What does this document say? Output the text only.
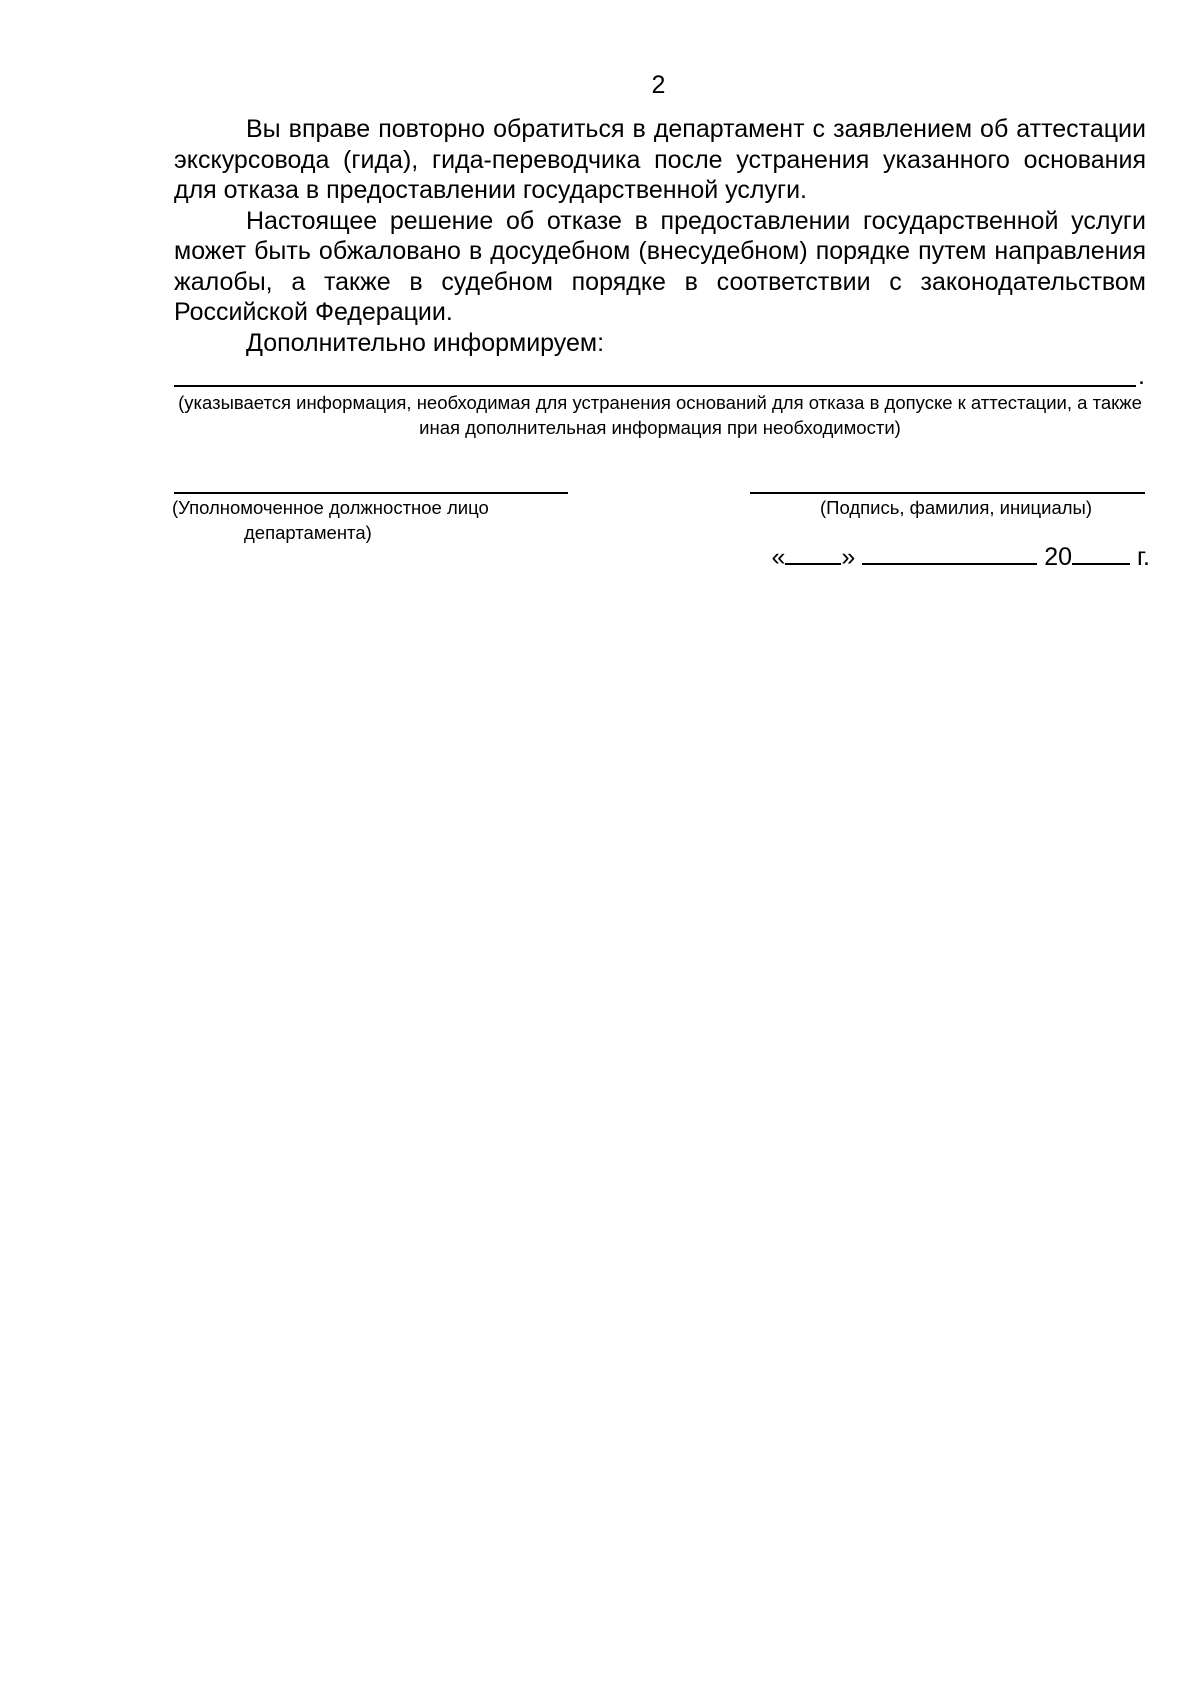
2

Вы вправе повторно обратиться в департамент с заявлением об аттестации экскурсовода (гида), гида-переводчика после устранения указанного основания для отказа в предоставлении государственной услуги.

Настоящее решение об отказе в предоставлении государственной услуги может быть обжаловано в досудебном (внесудебном) порядке путем направления жалобы, а также в судебном порядке в соответствии с законодательством Российской Федерации.

Дополнительно информируем:

.
(указывается информация, необходимая для устранения оснований для отказа в допуске к аттестации, а также иная дополнительная информация при необходимости)
(Уполномоченное должностное лицо
департамента)
(Подпись, фамилия, инициалы)
« »	20	г.
